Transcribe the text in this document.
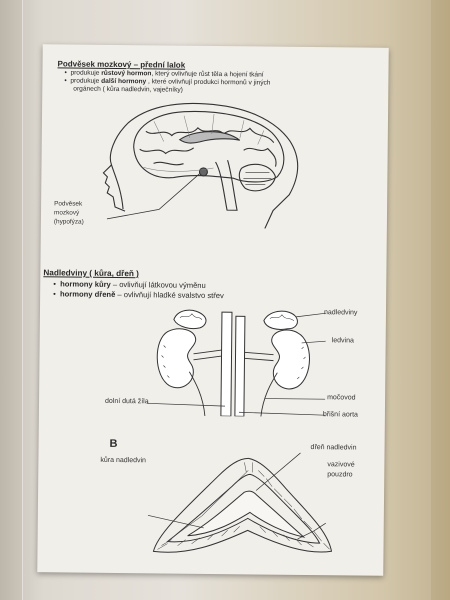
Podvěsek mozkový – přední lalok
•  produkuje růstový hormon, který ovlivňuje růst těla a hojení tkání
•  produkuje další hormony , které ovlivňují produkci hormonů v jiných
orgánech ( kůra nadledvin, vaječníky)
Podvěsek
mozkový
(hypofýza)
Nadledviny ( kůra, dřeň )
•  hormony kůry – ovlivňují látkovou výměnu
•  hormony dřeně – ovlivňují hladké svalstvo střev
nadledviny
ledvina
močovod
dolní dutá žíla
břišní aorta
B	dřeň nadledvin
kůra nadledvin
vazivové
pouzdro
